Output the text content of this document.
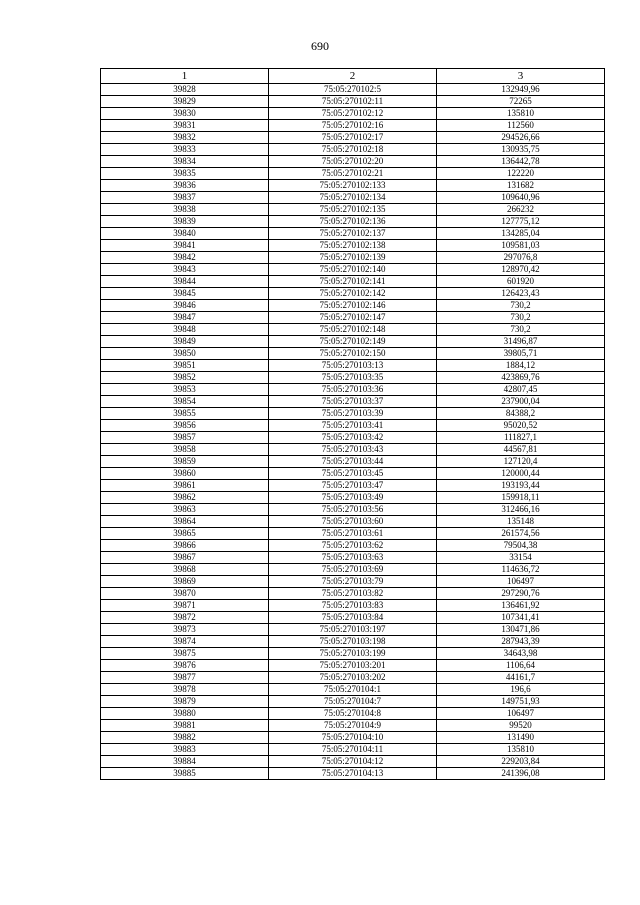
690
1	2	3
39828	75:05:270102:5	132949,96
39829	75:05:270102:11	72265
39830	75:05:270102:12	135810
39831	75:05:270102:16	112560
39832	75:05:270102:17	294526,66
39833	75:05:270102:18	130935,75
39834	75:05:270102:20	136442,78
39835	75:05:270102:21	122220
39836	75:05:270102:133	131682
39837	75:05:270102:134	109640,96
39838	75:05:270102:135	266232
39839	75:05:270102:136	127775,12
39840	75:05:270102:137	134285,04
39841	75:05:270102:138	109581,03
39842	75:05:270102:139	297076,8
39843	75:05:270102:140	128970,42
39844	75:05:270102:141	601920
39845	75:05:270102:142	126423,43
39846	75:05:270102:146	730,2
39847	75:05:270102:147	730,2
39848	75:05:270102:148	730,2
39849	75:05:270102:149	31496,87
39850	75:05:270102:150	39805,71
39851	75:05:270103:13	1884,12
39852	75:05:270103:35	423869,76
39853	75:05:270103:36	42807,45
39854	75:05:270103:37	237900,04
39855	75:05:270103:39	84388,2
39856	75:05:270103:41	95020,52
39857	75:05:270103:42	111827,1
39858	75:05:270103:43	44567,81
39859	75:05:270103:44	127120,4
39860	75:05:270103:45	120000,44
39861	75:05:270103:47	193193,44
39862	75:05:270103:49	159918,11
39863	75:05:270103:56	312466,16
39864	75:05:270103:60	135148
39865	75:05:270103:61	261574,56
39866	75:05:270103:62	79504,38
39867	75:05:270103:63	33154
39868	75:05:270103:69	114636,72
39869	75:05:270103:79	106497
39870	75:05:270103:82	297290,76
39871	75:05:270103:83	136461,92
39872	75:05:270103:84	107341,41
39873	75:05:270103:197	130471,86
39874	75:05:270103:198	287943,39
39875	75:05:270103:199	34643,98
39876	75:05:270103:201	1106,64
39877	75:05:270103:202	44161,7
39878	75:05:270104:1	196,6
39879	75:05:270104:7	149751,93
39880	75:05:270104:8	106497
39881	75:05:270104:9	99520
39882	75:05:270104:10	131490
39883	75:05:270104:11	135810
39884	75:05:270104:12	229203,84
39885	75:05:270104:13	241396,08
